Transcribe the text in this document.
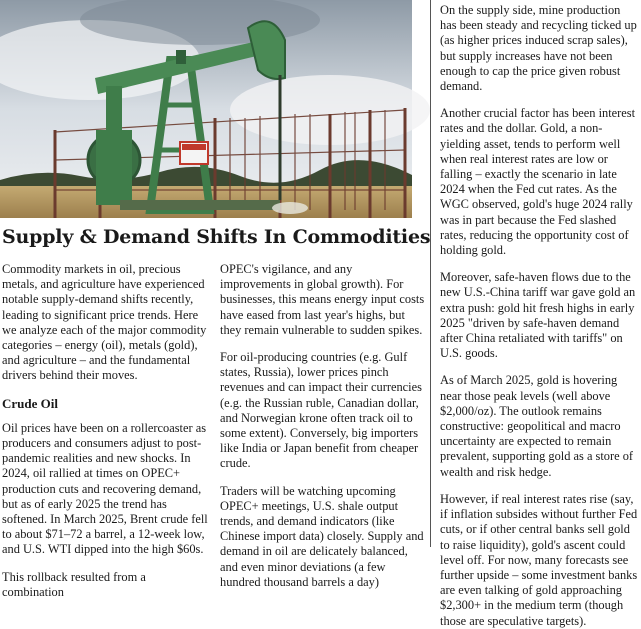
Supply & Demand Shifts In Commodities

Commodity markets in oil, precious metals, and agriculture have experienced notable supply-demand shifts recently, leading to significant price trends. Here we analyze each of the major commodity categories – energy (oil), metals (gold), and agriculture – and the fundamental drivers behind their moves.

Crude Oil

Oil prices have been on a rollercoaster as producers and consumers adjust to post-pandemic realities and new shocks. In 2024, oil rallied at times on OPEC+ production cuts and recovering demand, but as of early 2025 the trend has softened. In March 2025, Brent crude fell to about $71–72 a barrel, a 12-week low, and U.S. WTI dipped into the high $60s.

This rollback resulted from a combination

OPEC's vigilance, and any improvements in global growth). For businesses, this means energy input costs have eased from last year's highs, but they remain vulnerable to sudden spikes.

For oil-producing countries (e.g. Gulf states, Russia), lower prices pinch revenues and can impact their currencies (e.g. the Russian ruble, Canadian dollar, and Norwegian krone often track oil to some extent). Conversely, big importers like India or Japan benefit from cheaper crude.

Traders will be watching upcoming OPEC+ meetings, U.S. shale output trends, and demand indicators (like Chinese import data) closely. Supply and demand in oil are delicately balanced, and even minor deviations (a few hundred thousand barrels a day)

On the supply side, mine production has been steady and recycling ticked up (as higher prices induced scrap sales), but supply increases have not been enough to cap the price given robust demand.

Another crucial factor has been interest rates and the dollar. Gold, a non-yielding asset, tends to perform well when real interest rates are low or falling – exactly the scenario in late 2024 when the Fed cut rates. As the WGC observed, gold's huge 2024 rally was in part because the Fed slashed rates, reducing the opportunity cost of holding gold.

Moreover, safe-haven flows due to the new U.S.-China tariff war gave gold an extra push: gold hit fresh highs in early 2025 "driven by safe-haven demand after China retaliated with tariffs" on U.S. goods.

As of March 2025, gold is hovering near those peak levels (well above $2,000/oz). The outlook remains constructive: geopolitical and macro uncertainty are expected to remain prevalent, supporting gold as a store of wealth and risk hedge.

However, if real interest rates rise (say, if inflation subsides without further Fed cuts, or if other central banks sell gold to raise liquidity), gold's ascent could level off. For now, many forecasts see further upside – some investment banks are even talking of gold approaching $2,300+ in the medium term (though those are speculative targets).
